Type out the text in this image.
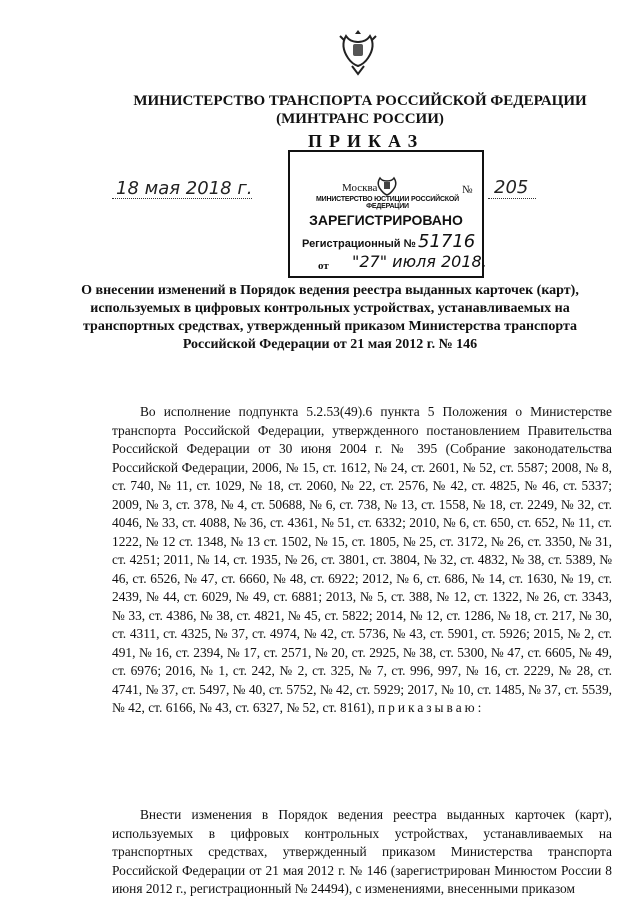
МИНИСТЕРСТВО ТРАНСПОРТА РОССИЙСКОЙ ФЕДЕРАЦИИ
(МИНТРАНС РОССИИ)
ПРИКАЗ
18 мая 2018 г.	205
Москва	№
МИНИСТЕРСТВО ЮСТИЦИИ РОССИЙСКОЙ ФЕДЕРАЦИИ
ЗАРЕГИСТРИРОВАНО
Регистрационный № 51716
от "27" июля 2018.
О внесении изменений в Порядок ведения реестра выданных карточек (карт), используемых в цифровых контрольных устройствах, устанавливаемых на транспортных средствах, утвержденный приказом Министерства транспорта Российской Федерации от 21 мая 2012 г. № 146
Во исполнение подпункта 5.2.53(49).6 пункта 5 Положения о Министерстве транспорта Российской Федерации, утвержденного постановлением Правительства Российской Федерации от 30 июня 2004 г. № 395 (Собрание законодательства Российской Федерации, 2006, № 15, ст. 1612, № 24, ст. 2601, № 52, ст. 5587; 2008, № 8, ст. 740, № 11, ст. 1029, № 18, ст. 2060, № 22, ст. 2576, № 42, ст. 4825, № 46, ст. 5337; 2009, № 3, ст. 378, № 4, ст. 50688, № 6, ст. 738, № 13, ст. 1558, № 18, ст. 2249, № 32, ст. 4046, № 33, ст. 4088, № 36, ст. 4361, № 51, ст. 6332; 2010, № 6, ст. 650, ст. 652, № 11, ст. 1222, № 12 ст. 1348, № 13 ст. 1502, № 15, ст. 1805, № 25, ст. 3172, № 26, ст. 3350, № 31, ст. 4251; 2011, № 14, ст. 1935, № 26, ст. 3801, ст. 3804, № 32, ст. 4832, № 38, ст. 5389, № 46, ст. 6526, № 47, ст. 6660, № 48, ст. 6922; 2012, № 6, ст. 686, № 14, ст. 1630, № 19, ст. 2439, № 44, ст. 6029, № 49, ст. 6881; 2013, № 5, ст. 388, № 12, ст. 1322, № 26, ст. 3343, № 33, ст. 4386, № 38, ст. 4821, № 45, ст. 5822; 2014, № 12, ст. 1286, № 18, ст. 217, № 30, ст. 4311, ст. 4325, № 37, ст. 4974, № 42, ст. 5736, № 43, ст. 5901, ст. 5926; 2015, № 2, ст. 491, № 16, ст. 2394, № 17, ст. 2571, № 20, ст. 2925, № 38, ст. 5300, № 47, ст. 6605, № 49, ст. 6976; 2016, № 1, ст. 242, № 2, ст. 325, № 7, ст. 996, 997, № 16, ст. 2229, № 28, ст. 4741, № 37, ст. 5497, № 40, ст. 5752, № 42, ст. 5929; 2017, № 10, ст. 1485, № 37, ст. 5539, № 42, ст. 6166, № 43, ст. 6327, № 52, ст. 8161), приказываю:
Внести изменения в Порядок ведения реестра выданных карточек (карт), используемых в цифровых контрольных устройствах, устанавливаемых на транспортных средствах, утвержденный приказом Министерства транспорта Российской Федерации от 21 мая 2012 г. № 146 (зарегистрирован Минюстом России 8 июня 2012 г., регистрационный № 24494), с изменениями, внесенными приказом
